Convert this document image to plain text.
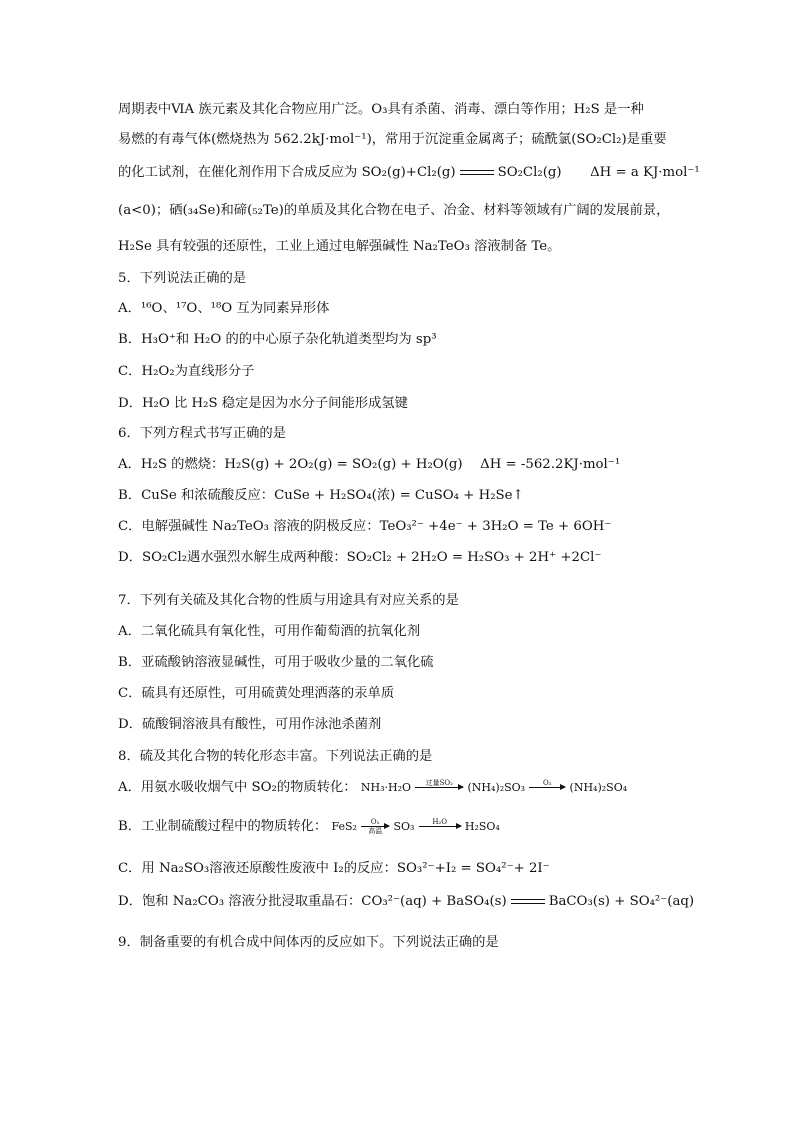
周期表中ⅥA 族元素及其化合物应用广泛。O₃具有杀菌、消毒、漂白等作用；H₂S 是一种
易燃的有毒气体(燃烧热为 562.2kJ·mol⁻¹)，常用于沉淀重金属离子；硫酰氯(SO₂Cl₂)是重要
的化工试剂，在催化剂作用下合成反应为 SO₂(g)+Cl₂(g)	SO₂Cl₂(g) ΔH = a KJ·mol⁻¹
(a<0)；硒(₃₄Se)和碲(₅₂Te)的单质及其化合物在电子、冶金、材料等领域有广阔的发展前景，
H₂Se 具有较强的还原性，工业上通过电解强碱性 Na₂TeO₃ 溶液制备 Te。
5．下列说法正确的是
A．¹⁶O、¹⁷O、¹⁸O 互为同素异形体
B．H₃O⁺和 H₂O 的的中心原子杂化轨道类型均为 sp³
C．H₂O₂为直线形分子
D．H₂O 比 H₂S 稳定是因为水分子间能形成氢键
6．下列方程式书写正确的是
A．H₂S 的燃烧：H₂S(g) + 2O₂(g) = SO₂(g) + H₂O(g)　 ΔH = -562.2KJ·mol⁻¹
B．CuSe 和浓硫酸反应：CuSe + H₂SO₄(浓) = CuSO₄ + H₂Se↑
C．电解强碱性 Na₂TeO₃ 溶液的阴极反应：TeO₃²⁻ +4e⁻ + 3H₂O = Te + 6OH⁻
D．SO₂Cl₂遇水强烈水解生成两种酸：SO₂Cl₂ + 2H₂O = H₂SO₃ + 2H⁺ +2Cl⁻
7．下列有关硫及其化合物的性质与用途具有对应关系的是
A．二氧化硫具有氧化性，可用作葡萄酒的抗氧化剂
B．亚硫酸钠溶液显碱性，可用于吸收少量的二氧化硫
C．硫具有还原性，可用硫黄处理洒落的汞单质
D．硫酸铜溶液具有酸性，可用作泳池杀菌剂
8．硫及其化合物的转化形态丰富。下列说法正确的是
A．用氨水吸收烟气中 SO₂的物质转化： NH₃·H₂O	过量SO₂	(NH₄)₂SO₃	O₂	(NH₄)₂SO₄
B．工业制硫酸过程中的物质转化： FeS₂	O₂
高温	SO₃	H₂O	H₂SO₄
C．用 Na₂SO₃溶液还原酸性废液中 I₂的反应：SO₃²⁻+I₂ = SO₄²⁻+ 2I⁻
D．饱和 Na₂CO₃ 溶液分批浸取重晶石：CO₃²⁻(aq) + BaSO₄(s)	BaCO₃(s) + SO₄²⁻(aq)
9．制备重要的有机合成中间体丙的反应如下。下列说法正确的是
